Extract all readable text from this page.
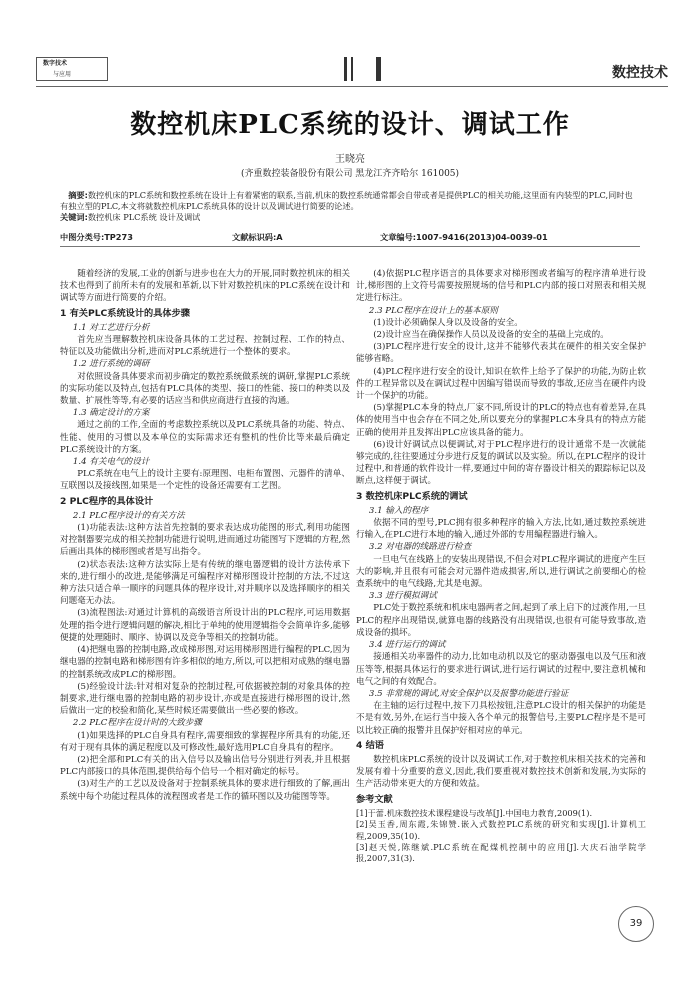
数字技术
与应用	数控技术
数控机床PLC系统的设计、调试工作
王晓亮
(齐重数控装备股份有限公司 黑龙江齐齐哈尔 161005)
摘要:数控机床的PLC系统和数控系统在设计上有着紧密的联系,当前,机床的数控系统通常都会自带或者是提供PLC的相关功能,这里面有内装型的PLC,同时也有独立型的PLC,本文将就数控机床PLC系统具体的设计以及调试进行简要的论述。
关键词:数控机床 PLC系统 设计及调试
中图分类号:TP273	文献标识码:A	文章编号:1007-9416(2013)04-0039-01

随着经济的发展,工业的创新与进步也在大力的开展,同时数控机床的相关技术也得到了前所未有的发展和革新,以下针对数控机床的PLC系统在设计和调试等方面进行简要的介绍。

1 有关PLC系统设计的具体步骤

1.1 对工艺进行分析

首先应当理解数控机床设备具体的工艺过程、控制过程、工作的特点、特征以及功能做出分析,进而对PLC系统进行一个整体的要求。

1.2 进行系统的调研

对依照设备具体要求而初步确定的数控系统做系统的调研,掌握PLC系统的实际功能以及特点,包括有PLC具体的类型、接口的性能、接口的种类以及数量、扩展性等等,有必要的话应当和供应商进行直接的沟通。

1.3 确定设计的方案

通过之前的工作,全面的考虑数控系统以及PLC系统具备的功能、特点、性能、使用的习惯以及本单位的实际需求还有整机的性价比等来最后确定PLC系统设计的方案。

1.4 有关电气的设计

PLC系统在电气上的设计主要有:原理图、电柜布置图、元器件的清单、互联图以及接线图,如果是一个定性的设备还需要有工艺图。

2 PLC程序的具体设计

2.1 PLC程序设计的有关方法

(1)功能表法:这种方法首先控制的要求表达成功能图的形式,利用功能图对控制器要完成的相关控制功能进行说明,进而通过功能图写下逻辑的方程,然后画出具体的梯形图或者是写出指令。

(2)状态表法:这种方法实际上是有传统的继电器逻辑的设计方法传承下来的,进行细小的改进,是能够满足可编程序对梯形图设计控制的方法,不过这种方法只适合单一顺序的问题具体的程序设计,对并顺序以及选择顺序的相关问题毫无办法。

(3)流程图法:对通过计算机的高级语言所设计出的PLC程序,可运用数据处理的指令进行逻辑问题的解决,相比于单纯的使用逻辑指令会简单许多,能够便捷的处理随时、顺序、协调以及竞争等相关的控制功能。

(4)把继电器的控制电路,改成梯形图,对运用梯形图进行编程的PLC,因为继电器的控制电路和梯形图有许多相似的地方,所以,可以把相对成熟的继电器的控制系统改成PLC的梯形图。

(5)经验设计法:针对相对复杂的控制过程,可依据被控制的对象具体的控制要求,进行继电器的控制电路的初步设计,亦或是直接进行梯形图的设计,然后做出一定的校验和简化,某些时候还需要做出一些必要的修改。

2.2 PLC程序在设计时的大致步骤

(1)如果选择的PLC自身具有程序,需要细致的掌握程序所具有的功能,还有对于现有具体的满足程度以及可修改性,最好选用PLC自身具有的程序。

(2)把全部和PLC有关的出入信号以及输出信号分别进行列表,并且根据PLC内部接口的具体范围,提供给每个信号一个相对确定的标号。

(3)对生产的工艺以及设备对于控制系统具体的要求进行细致的了解,画出系统中每个功能过程具体的流程图或者是工作的循环图以及功能图等等。

(4)依据PLC程序语言的具体要求对梯形图或者编写的程序清单进行设计,梯形图的上文符号需要按照规场的信号和PLC内部的接口对照表和相关规定进行标注。

2.3 PLC程序在设计上的基本原则

(1)设计必须确保人身以及设备的安全。

(2)设计应当在确保操作人员以及设备的安全的基础上完成的。

(3)PLC程序进行安全的设计,这并不能够代表其在硬件的相关安全保护能够省略。

(4)PLC程序进行安全的设计,知识在软件上给予了保护的功能,为防止软件的工程异常以及在调试过程中因编写错误而导致的事故,还应当在硬件内设计一个保护的功能。

(5)掌握PLC本身的特点,厂家不同,所设计的PLC的特点也有着差异,在具体的使用当中也会存在不同之处,所以要充分的掌握PLC本身具有的特点方能正确的使用并且发挥出PLC应该具备的能力。

(6)设计好调试点以便调试,对于PLC程序进行的设计通常不是一次就能够完成的,往往要通过分步进行反复的调试以及实验。所以,在PLC程序的设计过程中,和普通的软件设计一样,要通过中间的寄存器设计相关的跟踪标记以及断点,这样便于调试。

3 数控机床PLC系统的调试

3.1 输入的程序

依据不同的型号,PLC拥有很多种程序的输入方法,比如,通过数控系统进行输入,在PLC进行本地的输入,通过外部的专用编程器进行输入。

3.2 对电器的线路进行检查

一旦电气在线路上的安装出现错误,不但会对PLC程序调试的进度产生巨大的影响,并且很有可能会对元器件造成损害,所以,进行调试之前要细心的检查系统中的电气线路,尤其是电源。

3.3 进行模拟调试

PLC处于数控系统和机床电器两者之间,起到了承上启下的过渡作用,一旦PLC的程序出现错误,就算电器的线路没有出现错误,也很有可能导致事故,造成设备的损坏。

3.4 进行运行的调试

接通相关功率器件的动力,比如电动机以及它的驱动器强电以及气压和液压等等,根据具体运行的要求进行调试,进行运行调试的过程中,要注意机械和电气之间的有效配合。

3.5 非常规的调试,对安全保护以及报警功能进行验证

在主轴的运行过程中,按下刀具松按钮,注意PLC设计的相关保护的功能是不是有效,另外,在运行当中接入各个单元的报警信号,主要PLC程序是不是可以比较正确的报警并且保护好相对应的单元。

4 结语

数控机床PLC系统的设计以及调试工作,对于数控机床相关技术的完善和发展有着十分重要的意义,因此,我们要重视对数控技术创新和发展,为实际的生产活动带来更大的方便和效益。

参考文献

[1]于蕾.机床数控技术课程建设与改革[J].中国电力教育,2009(1).

[2]吴玉香,周东霞,朱锦赞.嵌入式数控PLC系统的研究和实现[J].计算机工程,2009,35(10).

[3]赵天悦,陈继斌.PLC系统在配煤机控制中的应用[J].大庆石油学院学报,2007,31(3).

39
